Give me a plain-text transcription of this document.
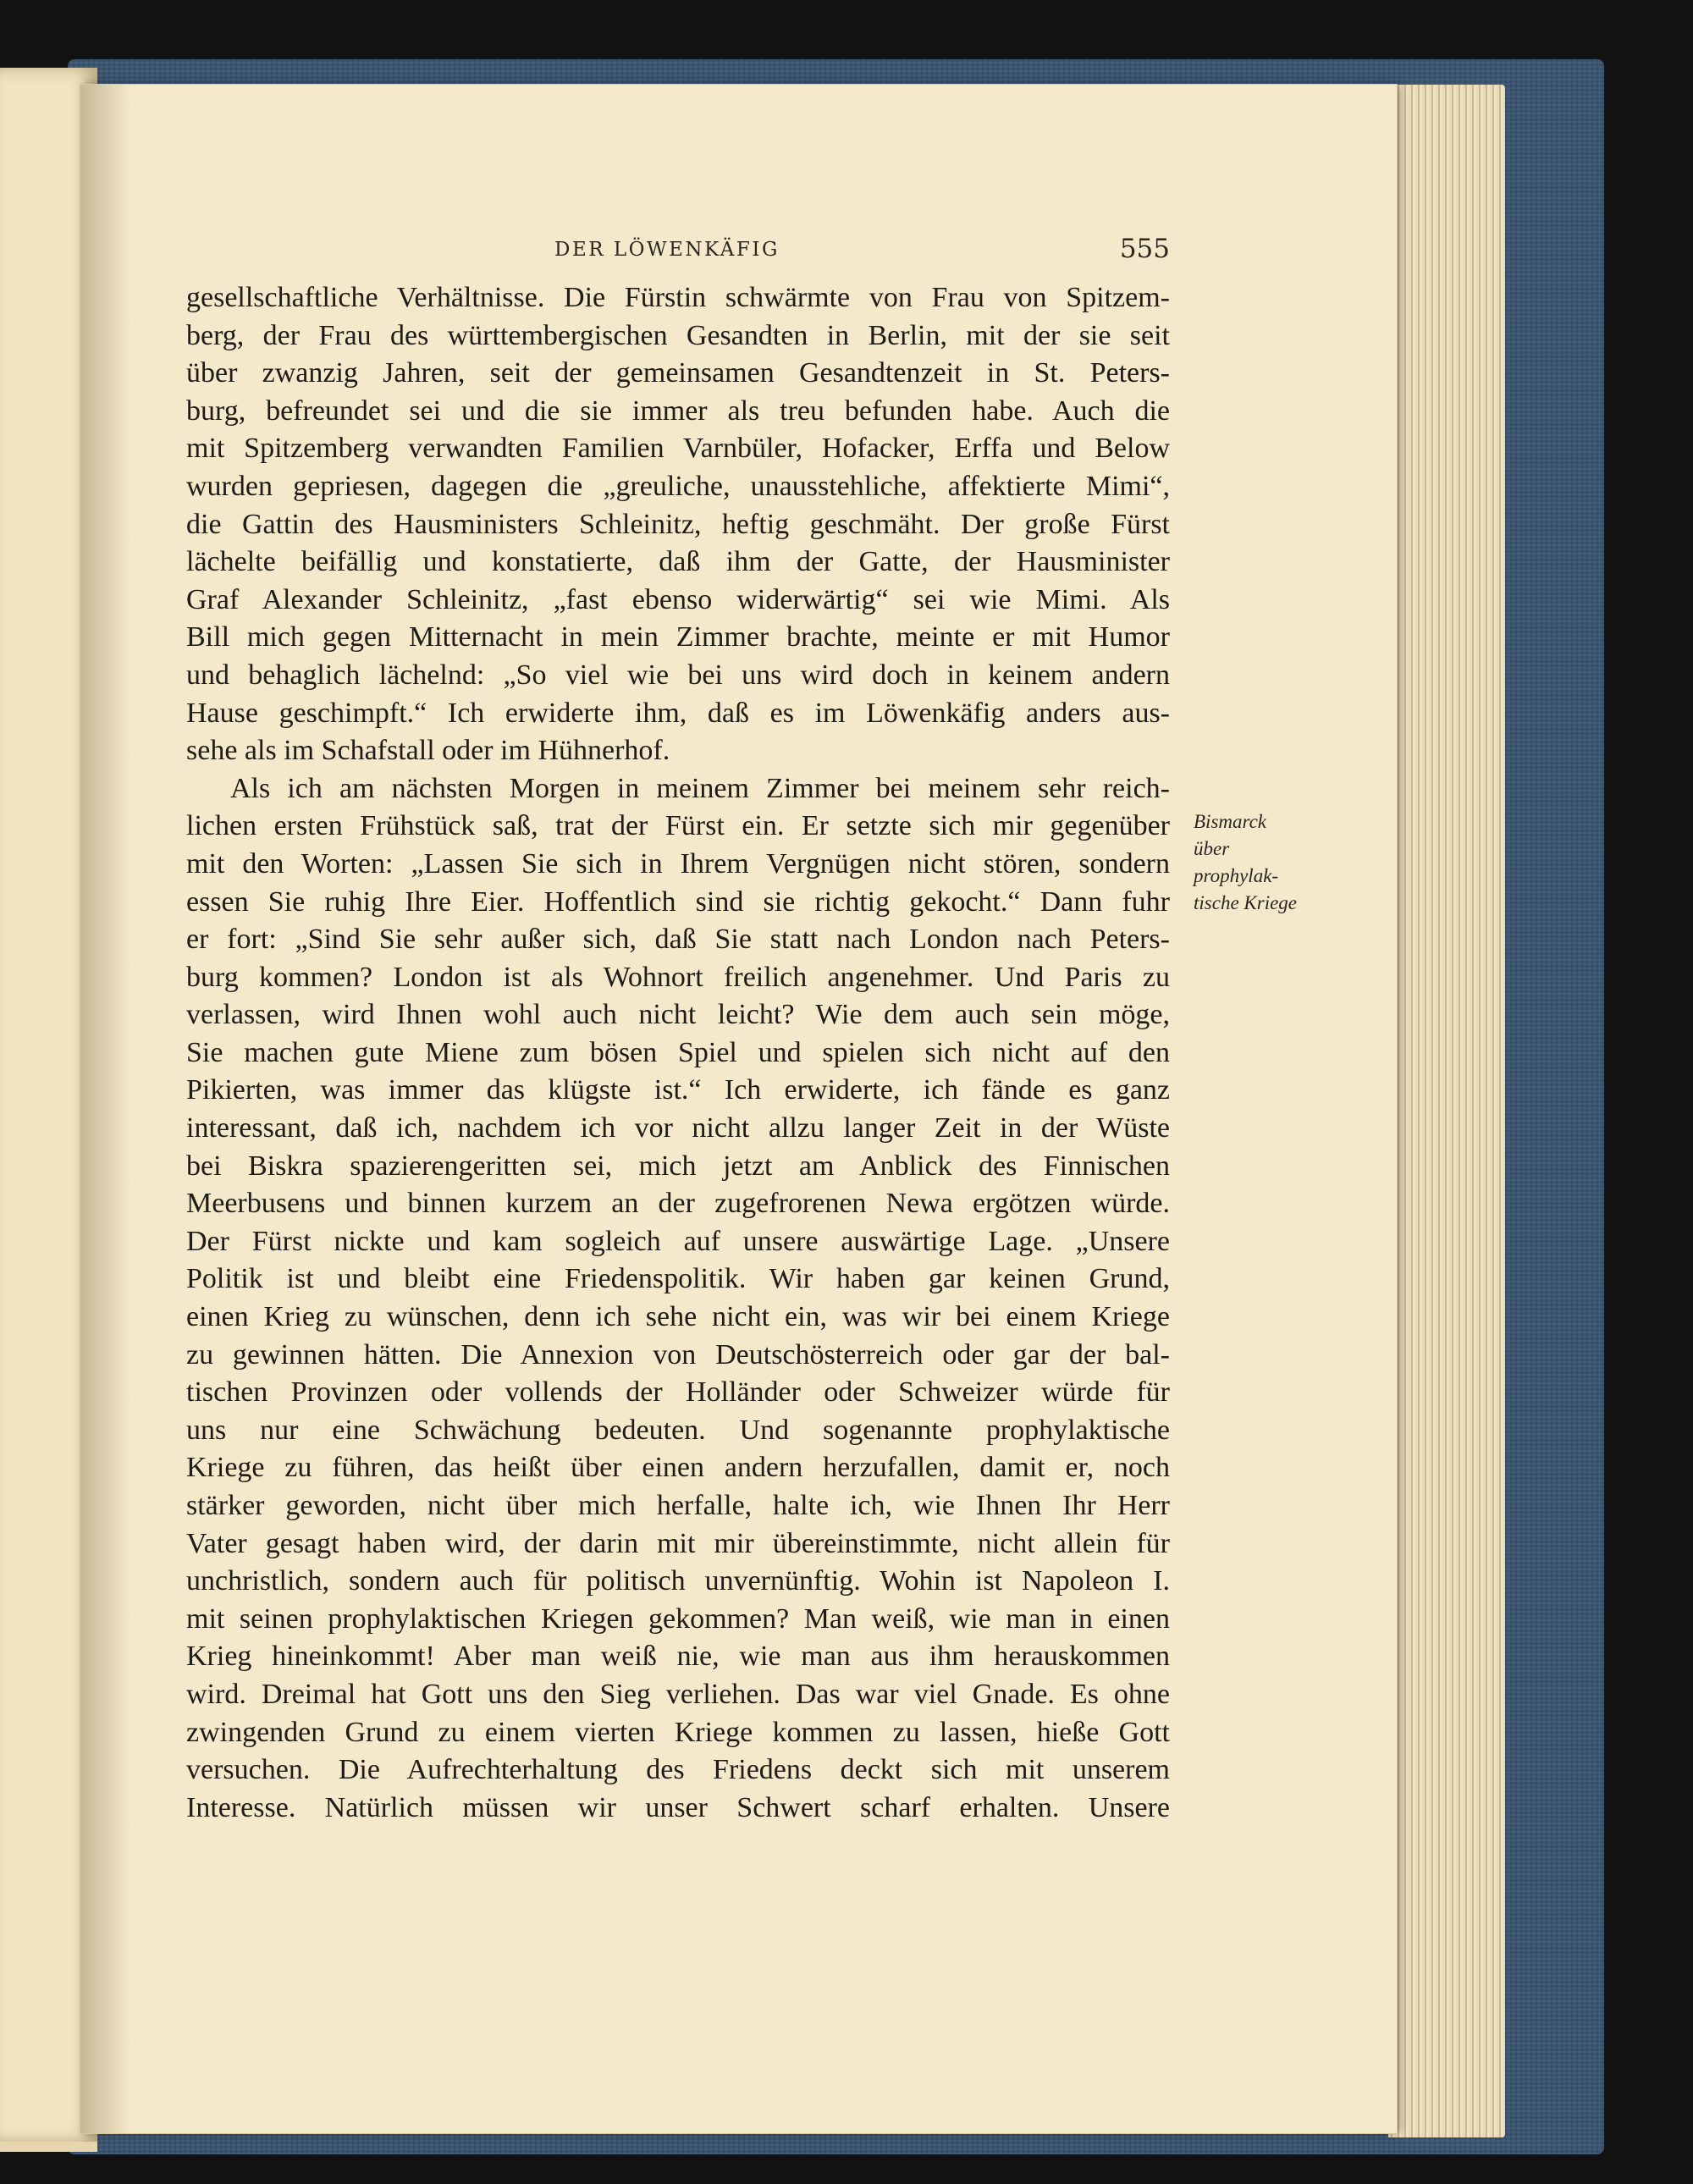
DER LÖWENKÄFIG	555
gesellschaftliche Verhältnisse. Die Fürstin schwärmte von Frau von Spitzem-
berg, der Frau des württembergischen Gesandten in Berlin, mit der sie seit
über zwanzig Jahren, seit der gemeinsamen Gesandtenzeit in St. Peters-
burg, befreundet sei und die sie immer als treu befunden habe. Auch die
mit Spitzemberg verwandten Familien Varnbüler, Hofacker, Erffa und Below
wurden gepriesen, dagegen die „greuliche, unausstehliche, affektierte Mimi“,
die Gattin des Hausministers Schleinitz, heftig geschmäht. Der große Fürst
lächelte beifällig und konstatierte, daß ihm der Gatte, der Hausminister
Graf Alexander Schleinitz, „fast ebenso widerwärtig“ sei wie Mimi. Als
Bill mich gegen Mitternacht in mein Zimmer brachte, meinte er mit Humor
und behaglich lächelnd: „So viel wie bei uns wird doch in keinem andern
Hause geschimpft.“ Ich erwiderte ihm, daß es im Löwenkäfig anders aus-
sehe als im Schafstall oder im Hühnerhof.
Als ich am nächsten Morgen in meinem Zimmer bei meinem sehr reich-
lichen ersten Frühstück saß, trat der Fürst ein. Er setzte sich mir gegenüber
mit den Worten: „Lassen Sie sich in Ihrem Vergnügen nicht stören, sondern
essen Sie ruhig Ihre Eier. Hoffentlich sind sie richtig gekocht.“ Dann fuhr
er fort: „Sind Sie sehr außer sich, daß Sie statt nach London nach Peters-
burg kommen? London ist als Wohnort freilich angenehmer. Und Paris zu
verlassen, wird Ihnen wohl auch nicht leicht? Wie dem auch sein möge,
Sie machen gute Miene zum bösen Spiel und spielen sich nicht auf den
Pikierten, was immer das klügste ist.“ Ich erwiderte, ich fände es ganz
interessant, daß ich, nachdem ich vor nicht allzu langer Zeit in der Wüste
bei Biskra spazierengeritten sei, mich jetzt am Anblick des Finnischen
Meerbusens und binnen kurzem an der zugefrorenen Newa ergötzen würde.
Der Fürst nickte und kam sogleich auf unsere auswärtige Lage. „Unsere
Politik ist und bleibt eine Friedenspolitik. Wir haben gar keinen Grund,
einen Krieg zu wünschen, denn ich sehe nicht ein, was wir bei einem Kriege
zu gewinnen hätten. Die Annexion von Deutschösterreich oder gar der bal-
tischen Provinzen oder vollends der Holländer oder Schweizer würde für
uns nur eine Schwächung bedeuten. Und sogenannte prophylaktische
Kriege zu führen, das heißt über einen andern herzufallen, damit er, noch
stärker geworden, nicht über mich herfalle, halte ich, wie Ihnen Ihr Herr
Vater gesagt haben wird, der darin mit mir übereinstimmte, nicht allein für
unchristlich, sondern auch für politisch unvernünftig. Wohin ist Napoleon I.
mit seinen prophylaktischen Kriegen gekommen? Man weiß, wie man in einen
Krieg hineinkommt! Aber man weiß nie, wie man aus ihm herauskommen
wird. Dreimal hat Gott uns den Sieg verliehen. Das war viel Gnade. Es ohne
zwingenden Grund zu einem vierten Kriege kommen zu lassen, hieße Gott
versuchen. Die Aufrechterhaltung des Friedens deckt sich mit unserem
Interesse. Natürlich müssen wir unser Schwert scharf erhalten. Unsere
Bismarck
über
prophylak-
tische Kriege
